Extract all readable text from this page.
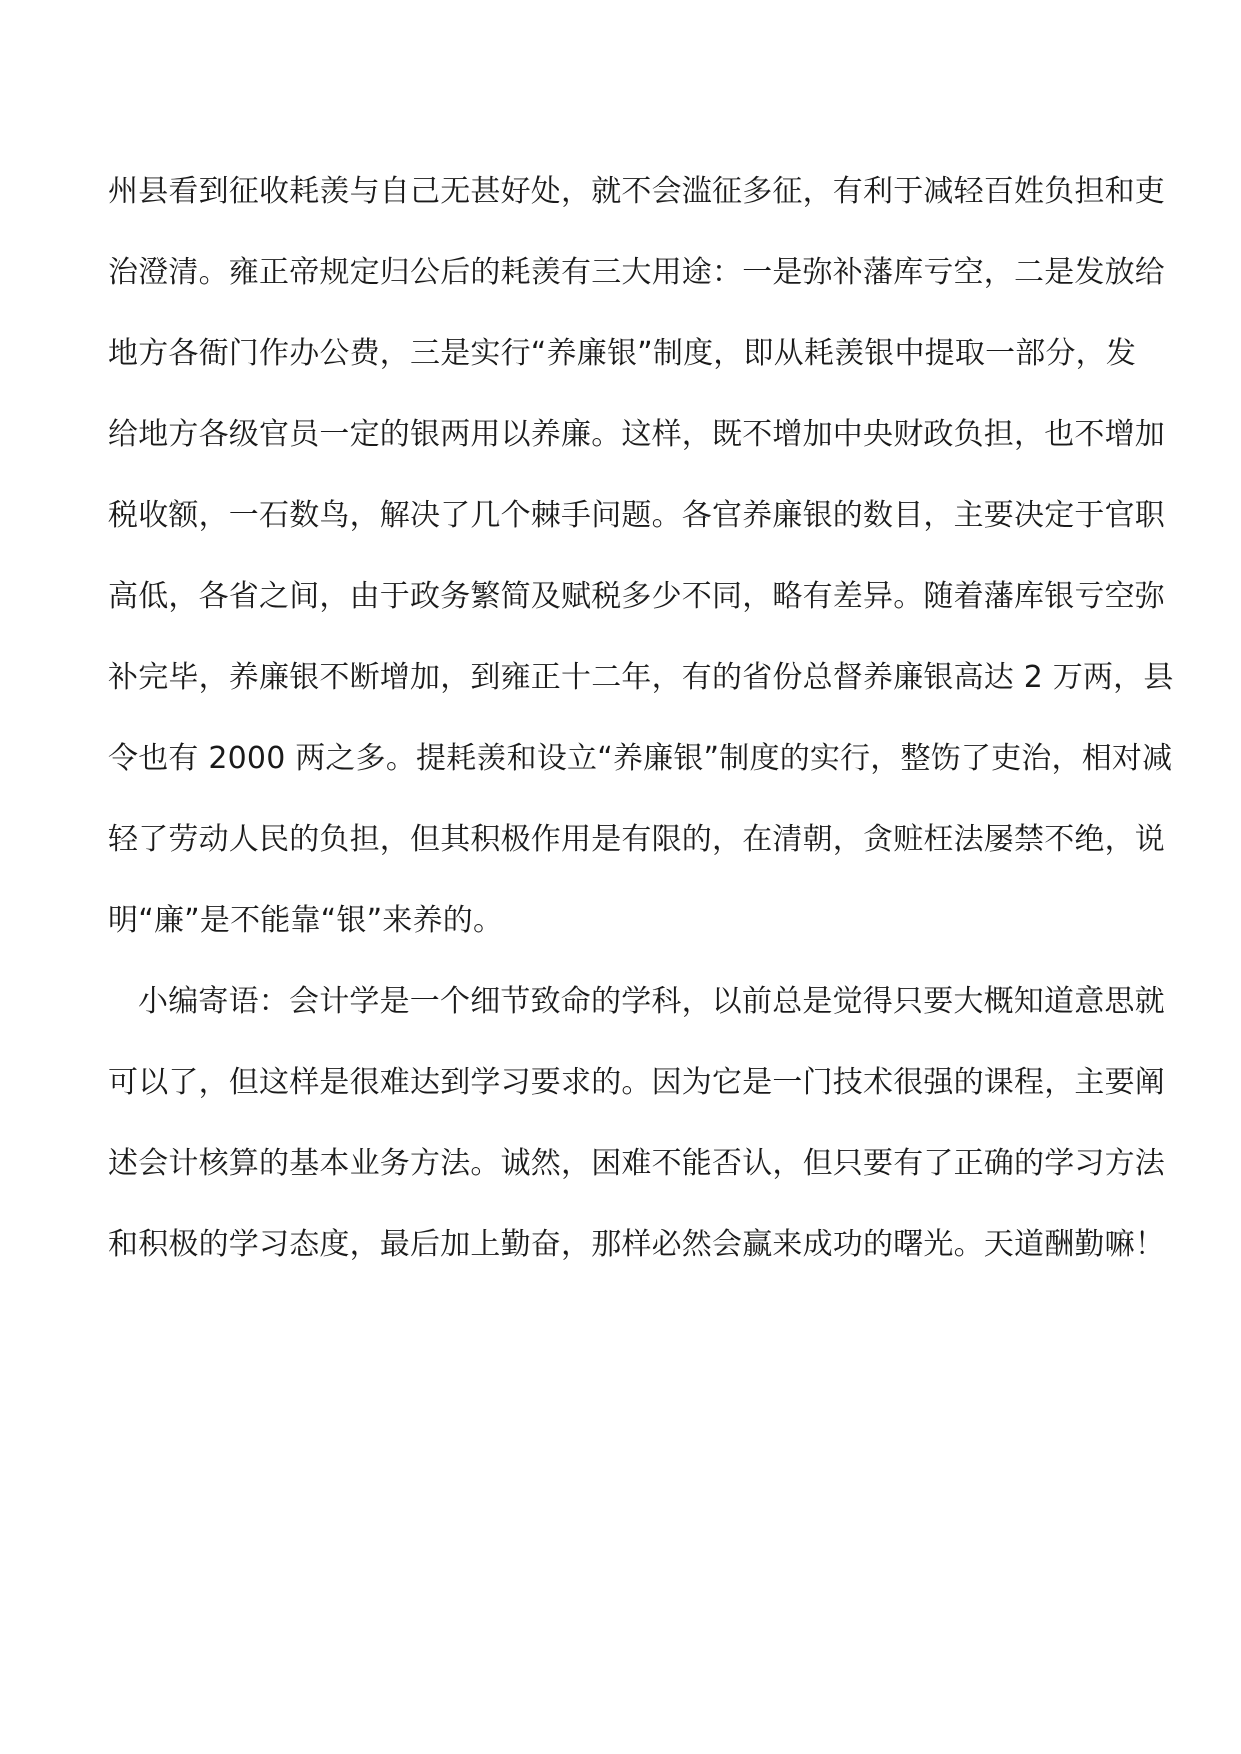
州县看到征收耗羡与自己无甚好处，就不会滥征多征，有利于减轻百姓负担和吏
治澄清。雍正帝规定归公后的耗羡有三大用途：一是弥补藩库亏空，二是发放给
地方各衙门作办公费，三是实行“养廉银”制度，即从耗羡银中提取一部分，发
给地方各级官员一定的银两用以养廉。这样，既不增加中央财政负担，也不增加
税收额，一石数鸟，解决了几个棘手问题。各官养廉银的数目，主要决定于官职
高低，各省之间，由于政务繁简及赋税多少不同，略有差异。随着藩库银亏空弥
补完毕，养廉银不断增加，到雍正十二年，有的省份总督养廉银高达 2 万两，县
令也有 2000 两之多。提耗羡和设立“养廉银”制度的实行，整饬了吏治，相对减
轻了劳动人民的负担，但其积极作用是有限的，在清朝，贪赃枉法屡禁不绝，说
明“廉”是不能靠“银”来养的。
小编寄语：会计学是一个细节致命的学科，以前总是觉得只要大概知道意思就
可以了，但这样是很难达到学习要求的。因为它是一门技术很强的课程，主要阐
述会计核算的基本业务方法。诚然，困难不能否认，但只要有了正确的学习方法
和积极的学习态度，最后加上勤奋，那样必然会赢来成功的曙光。天道酬勤嘛！
